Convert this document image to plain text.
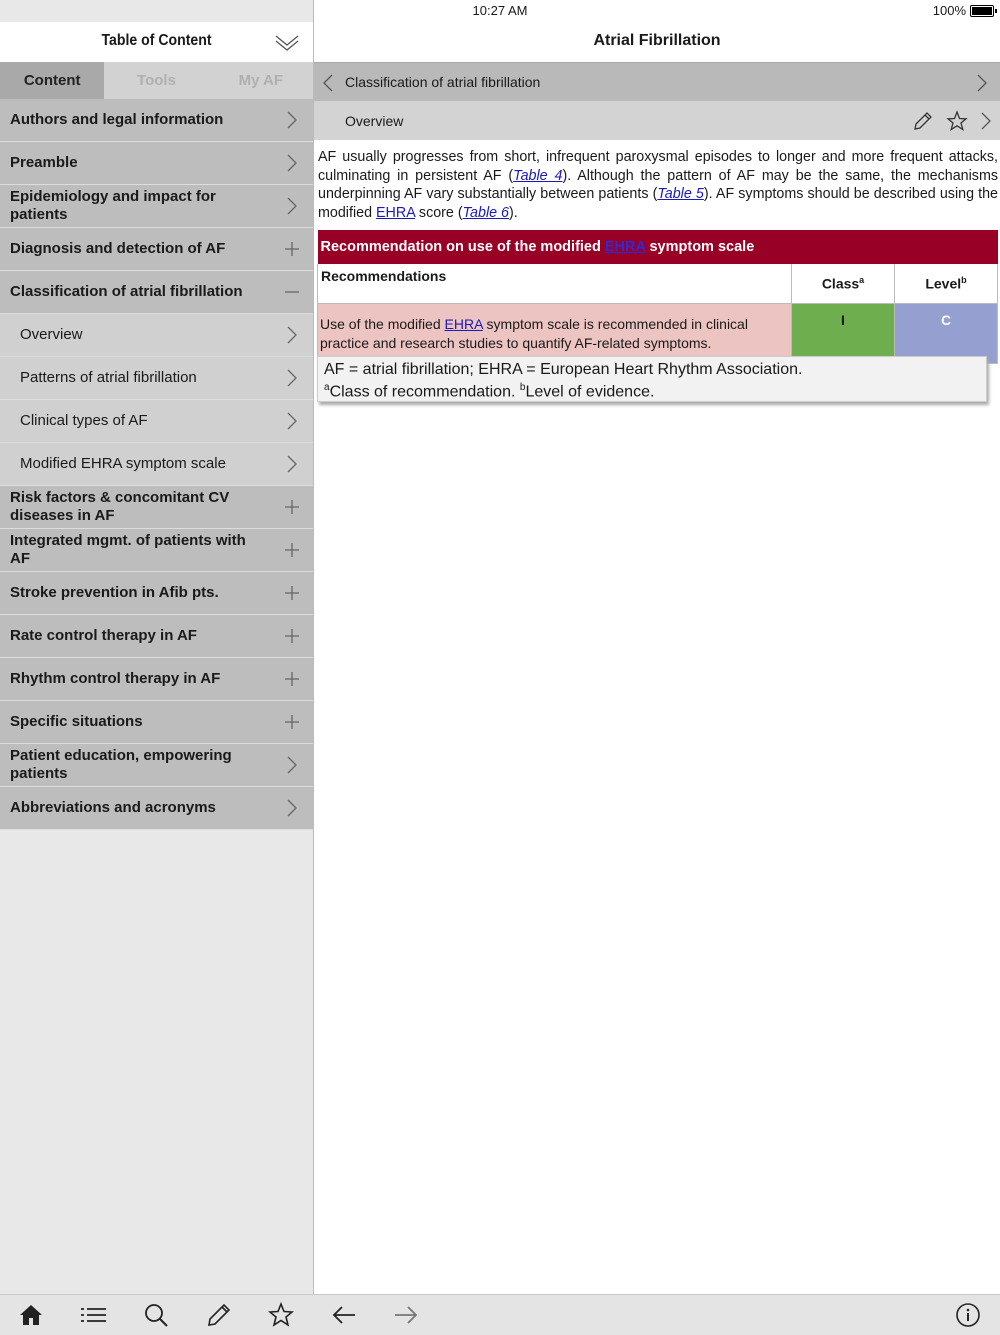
10:27 AM	100%
Table of Content
Content	Tools	My AF
Authors and legal information
Preamble
Epidemiology and impact for patients
Diagnosis and detection of AF
Classification of atrial fibrillation
Overview
Patterns of atrial fibrillation
Clinical types of AF
Modified EHRA symptom scale
Risk factors & concomitant CV diseases in AF
Integrated mgmt. of patients with AF
Stroke prevention in Afib pts.
Rate control therapy in AF
Rhythm control therapy in AF
Specific situations
Patient education, empowering patients
Abbreviations and acronyms
Atrial Fibrillation
Classification of atrial fibrillation
Overview
AF usually progresses from short, infrequent paroxysmal episodes to longer and more frequent attacks, culminating in persistent AF (Table 4). Although the pattern of AF may be the same, the mechanisms underpinning AF vary substantially between patients (Table 5). AF symptoms should be described using the modified EHRA score (Table 6).
Recommendation on use of the modified EHRA symptom scale		
Recommendations	Class$^a$	Level$^b$
Use of the modified EHRA symptom scale is recommended in clinical practice and research studies to quantify AF-related symptoms.	I	C
AF = atrial fibrillation; EHRA = European Heart Rhythm Association.
$^a$Class of recommendation. $^b$Level of evidence.
